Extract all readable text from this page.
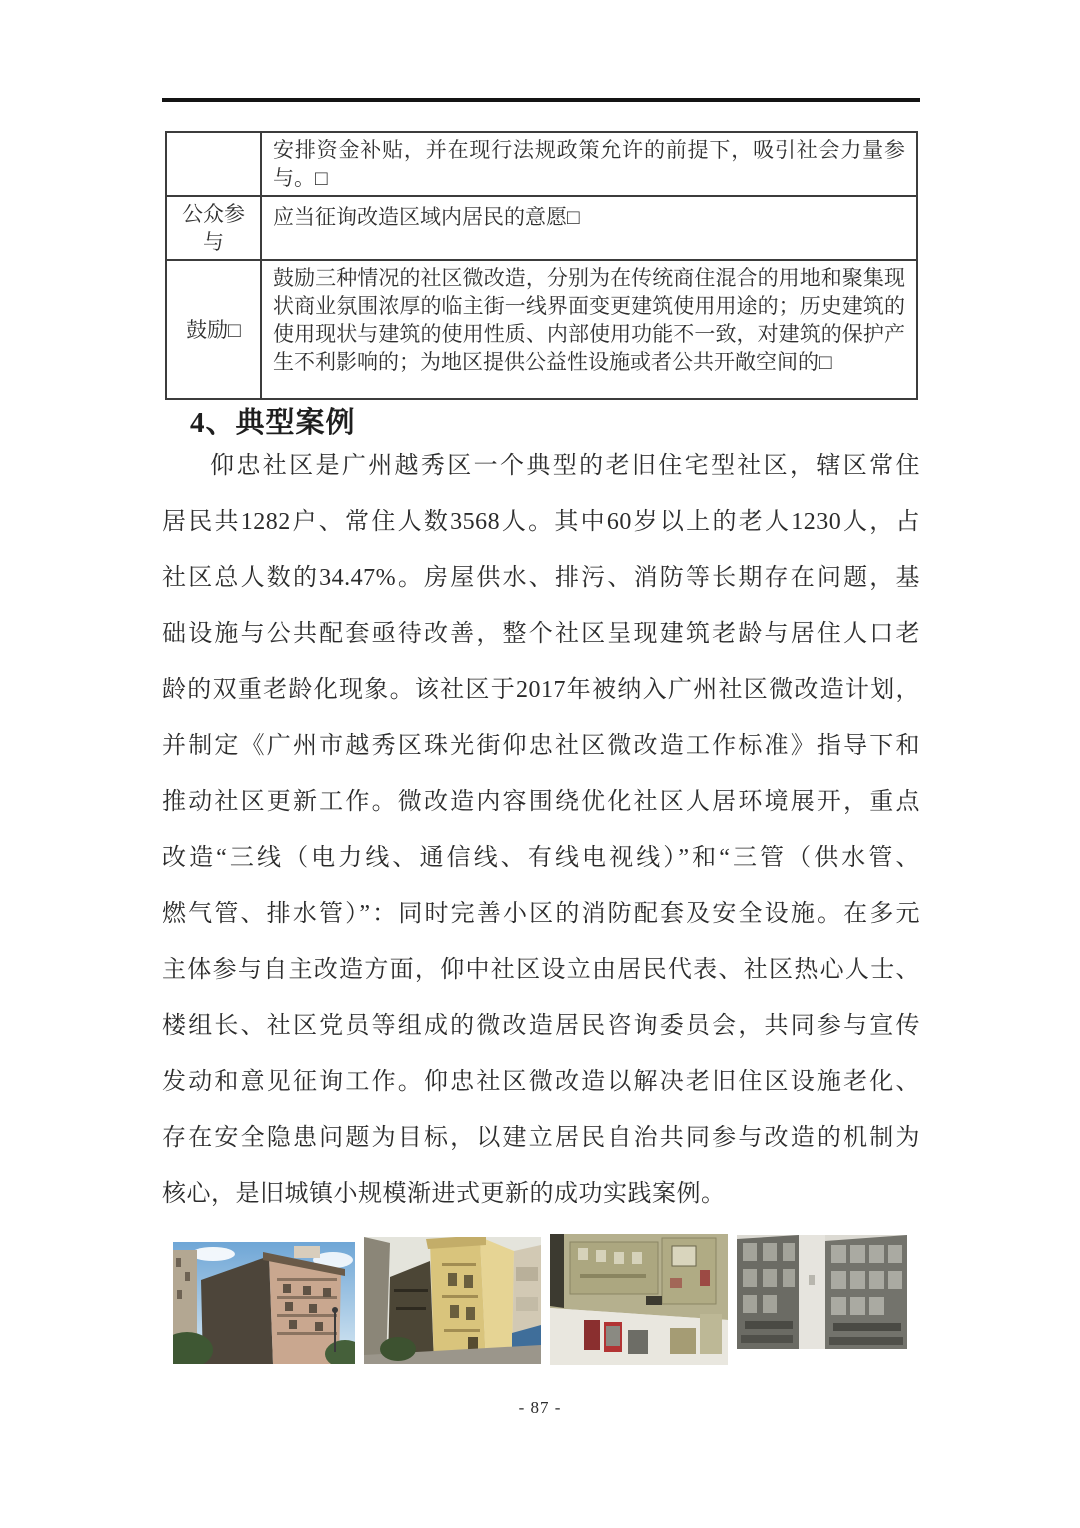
	安排资金补贴，并在现行法规政策允许的前提下，吸引社会力量参与。□
公众参与	应当征询改造区域内居民的意愿□
鼓励□	鼓励三种情况的社区微改造，分别为在传统商住混合的用地和聚集现状商业氛围浓厚的临主街一线界面变更建筑使用用途的；历史建筑的使用现状与建筑的使用性质、内部使用功能不一致，对建筑的保护产生不利影响的；为地区提供公益性设施或者公共开敞空间的□
4、典型案例
仰忠社区是广州越秀区一个典型的老旧住宅型社区，辖区常住
居民共1282户、常住人数3568人。其中60岁以上的老人1230人，占
社区总人数的34.47%。房屋供水、排污、消防等长期存在问题，基
础设施与公共配套亟待改善，整个社区呈现建筑老龄与居住人口老
龄的双重老龄化现象。该社区于2017年被纳入广州社区微改造计划，
并制定《广州市越秀区珠光街仰忠社区微改造工作标准》指导下和
推动社区更新工作。微改造内容围绕优化社区人居环境展开，重点
改造“三线（电力线、通信线、有线电视线）”和“三管（供水管、
燃气管、排水管）”：同时完善小区的消防配套及安全设施。在多元
主体参与自主改造方面，仰中社区设立由居民代表、社区热心人士、
楼组长、社区党员等组成的微改造居民咨询委员会，共同参与宣传
发动和意见征询工作。仰忠社区微改造以解决老旧住区设施老化、
存在安全隐患问题为目标，以建立居民自治共同参与改造的机制为
核心，是旧城镇小规模渐进式更新的成功实践案例。
- 87 -
